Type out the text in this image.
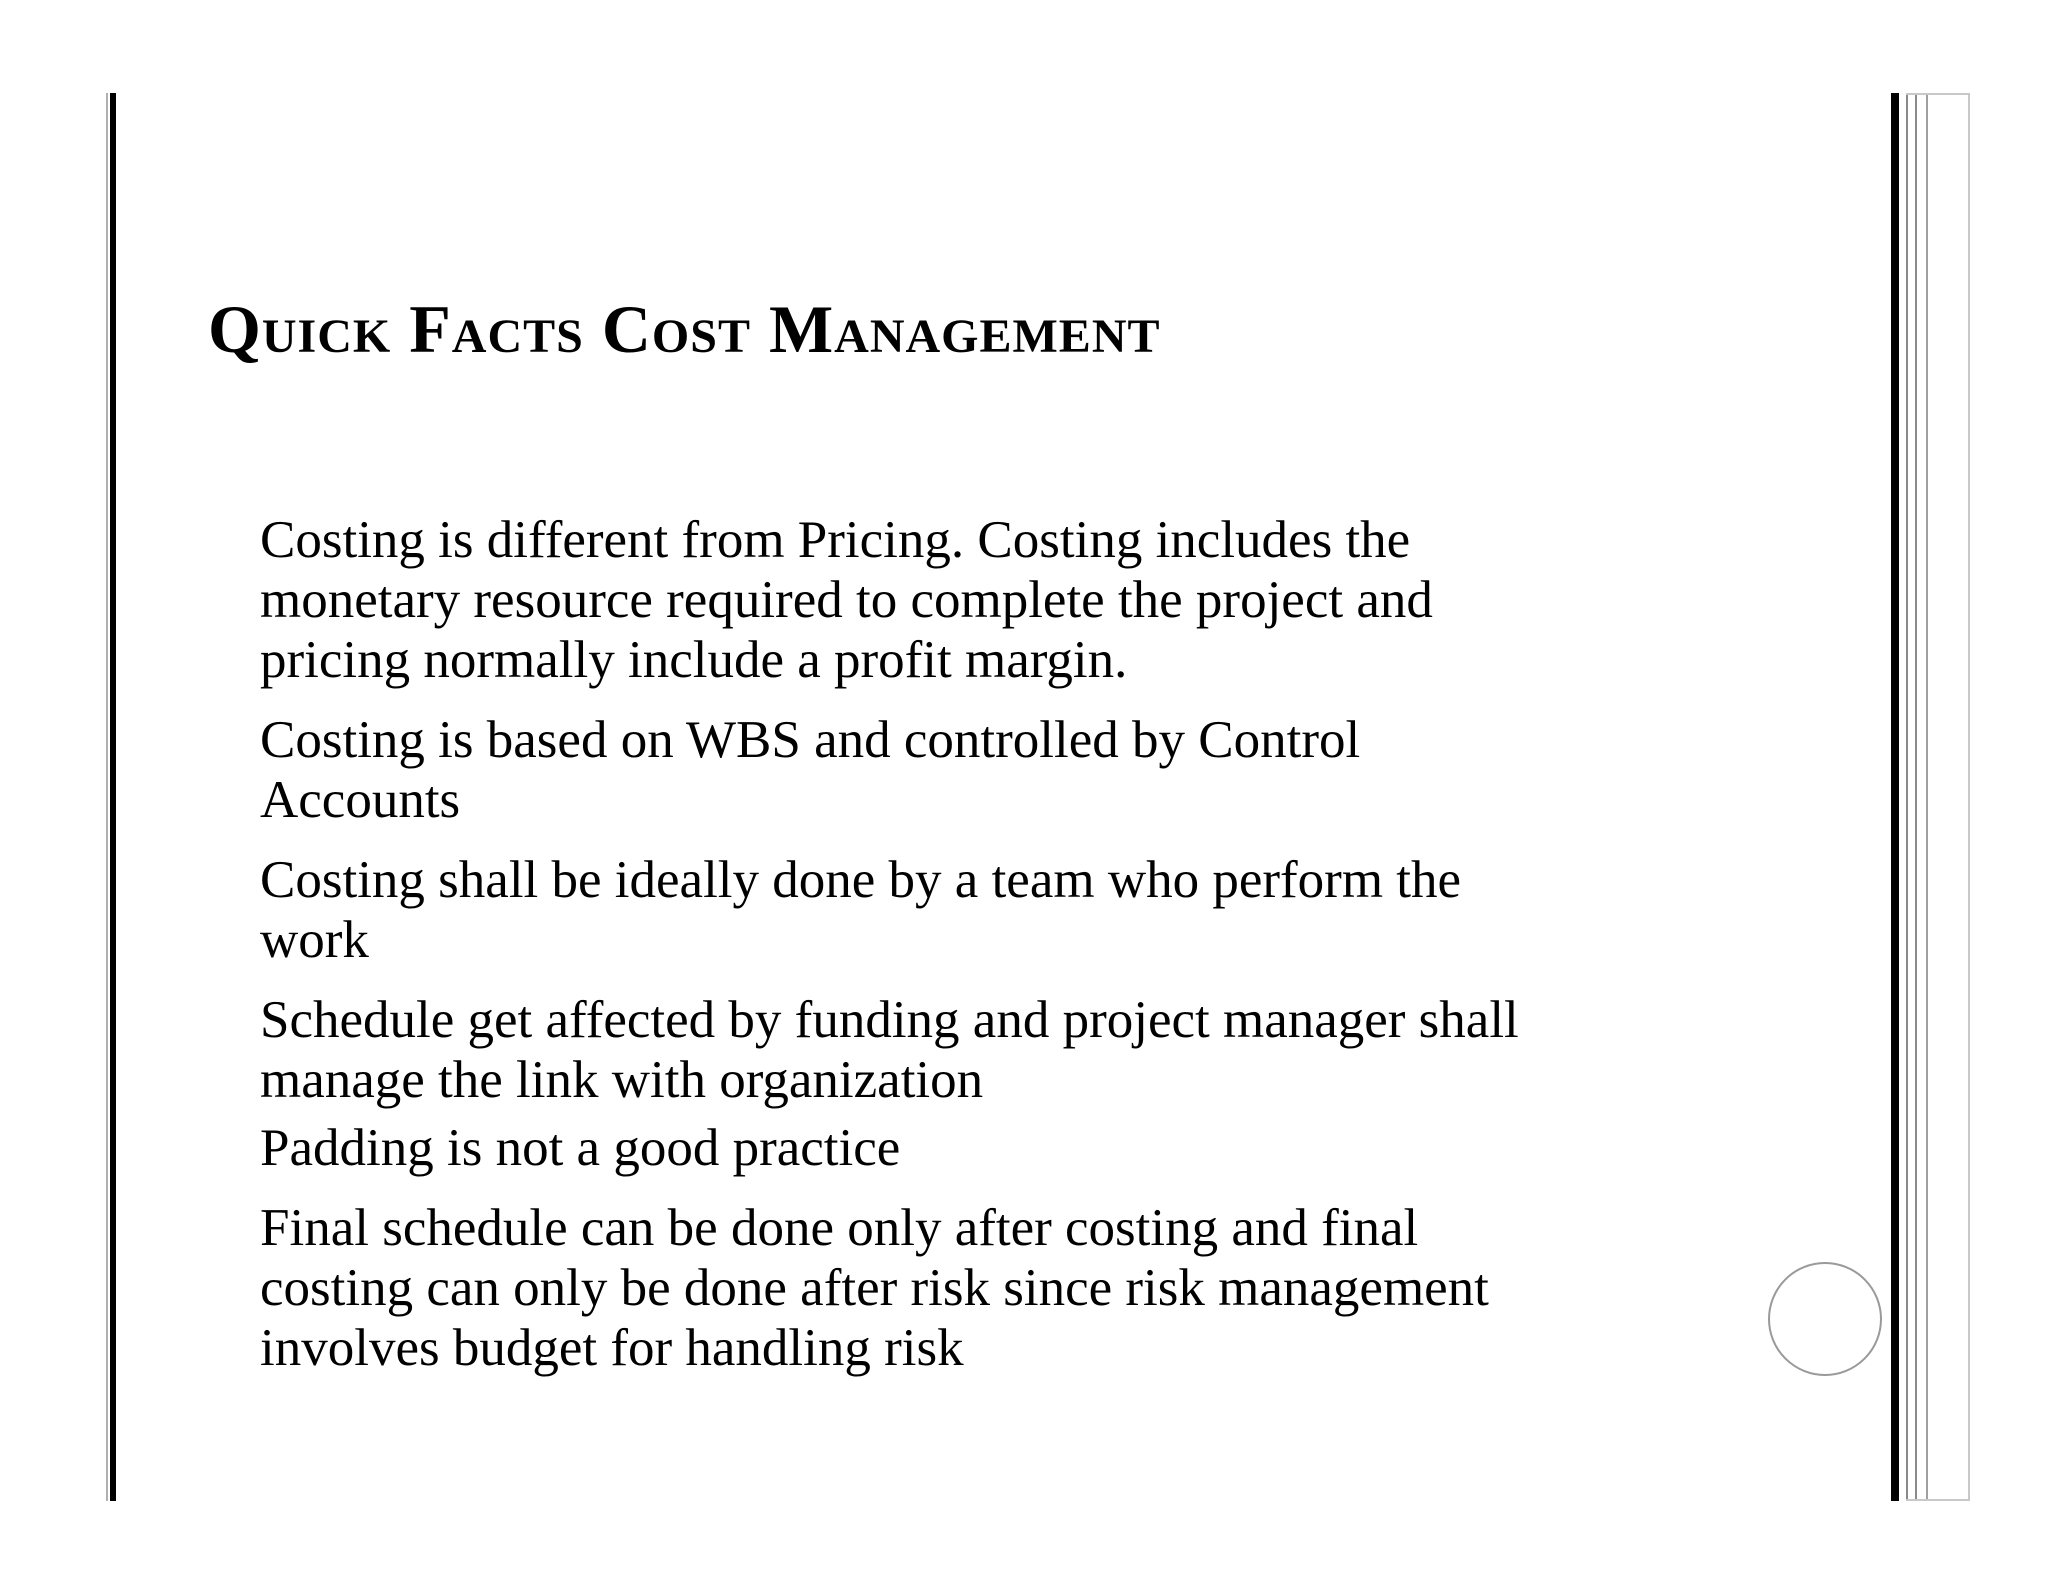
Quick Facts Cost Management
Costing is different from Pricing. Costing includes the monetary resource required to complete the project and pricing normally include a profit margin.
Costing is based on WBS and controlled by Control Accounts
Costing shall be ideally done by a team who perform the work
Schedule get affected by funding and project manager shall manage the link with organization
Padding is not a good practice
Final schedule can be done only after costing and final costing can only be done after risk since risk management involves budget for handling risk
